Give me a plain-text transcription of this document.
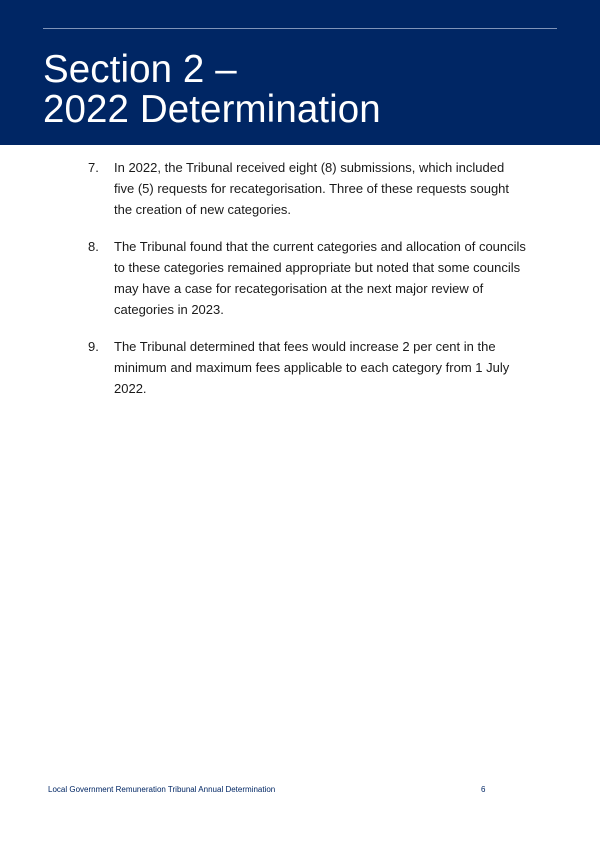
Section 2 –
2022 Determination
7.	In 2022, the Tribunal received eight (8) submissions, which included five (5) requests for recategorisation. Three of these requests sought the creation of new categories.
8.	The Tribunal found that the current categories and allocation of councils to these categories remained appropriate but noted that some councils may have a case for recategorisation at the next major review of categories in 2023.
9.	The Tribunal determined that fees would increase 2 per cent in the minimum and maximum fees applicable to each category from 1 July 2022.
Local Government Remuneration Tribunal Annual Determination	6
